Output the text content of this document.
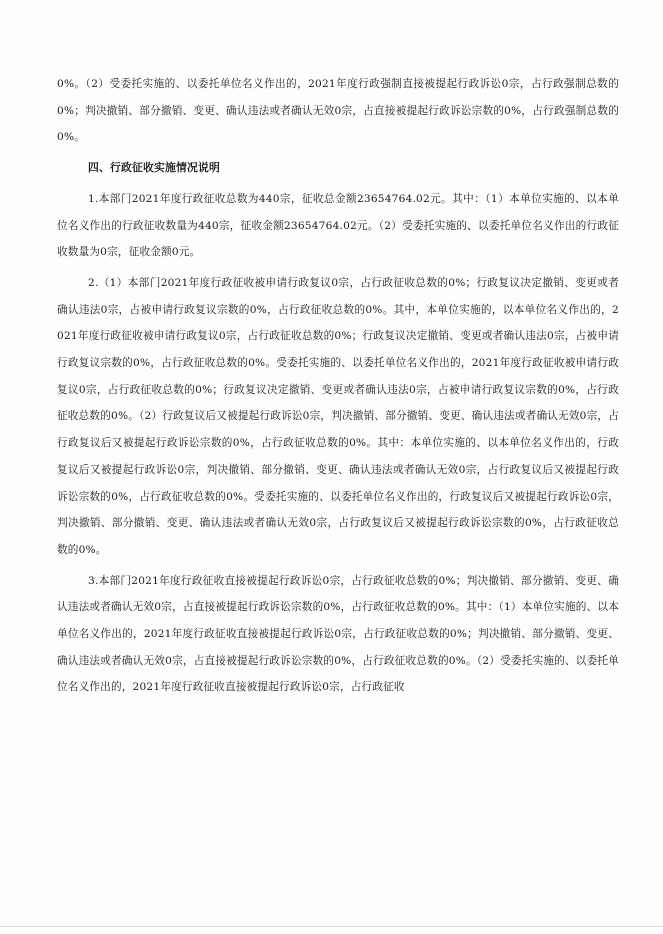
0%。（2）受委托实施的、以委托单位名义作出的，2021年度行政强制直接被提起行政诉讼0宗，占行政强制总数的0%；判决撤销、部分撤销、变更、确认违法或者确认无效0宗，占直接被提起行政诉讼宗数的0%，占行政强制总数的0%。

四、行政征收实施情况说明

1.本部门2021年度行政征收总数为440宗，征收总金额23654764.02元。其中：（1）本单位实施的、以本单位名义作出的行政征收数量为440宗，征收金额23654764.02元。（2）受委托实施的、以委托单位名义作出的行政征收数量为0宗，征收金额0元。

2.（1）本部门2021年度行政征收被申请行政复议0宗，占行政征收总数的0%；行政复议决定撤销、变更或者确认违法0宗，占被申请行政复议宗数的0%，占行政征收总数的0%。其中，本单位实施的，以本单位名义作出的，2021年度行政征收被申请行政复议0宗，占行政征收总数的0%；行政复议决定撤销、变更或者确认违法0宗，占被申请行政复议宗数的0%，占行政征收总数的0%。受委托实施的、以委托单位名义作出的，2021年度行政征收被申请行政复议0宗，占行政征收总数的0%；行政复议决定撤销、变更或者确认违法0宗，占被申请行政复议宗数的0%，占行政征收总数的0%。（2）行政复议后又被提起行政诉讼0宗，判决撤销、部分撤销、变更、确认违法或者确认无效0宗，占行政复议后又被提起行政诉讼宗数的0%，占行政征收总数的0%。其中：本单位实施的、以本单位名义作出的，行政复议后又被提起行政诉讼0宗，判决撤销、部分撤销、变更、确认违法或者确认无效0宗，占行政复议后又被提起行政诉讼宗数的0%，占行政征收总数的0%。受委托实施的、以委托单位名义作出的，行政复议后又被提起行政诉讼0宗，判决撤销、部分撤销、变更、确认违法或者确认无效0宗，占行政复议后又被提起行政诉讼宗数的0%，占行政征收总数的0%。

3.本部门2021年度行政征收直接被提起行政诉讼0宗，占行政征收总数的0%；判决撤销、部分撤销、变更、确认违法或者确认无效0宗，占直接被提起行政诉讼宗数的0%，占行政征收总数的0%。其中：（1）本单位实施的、以本单位名义作出的，2021年度行政征收直接被提起行政诉讼0宗，占行政征收总数的0%；判决撤销、部分撤销、变更、确认违法或者确认无效0宗，占直接被提起行政诉讼宗数的0%，占行政征收总数的0%。（2）受委托实施的、以委托单位名义作出的，2021年度行政征收直接被提起行政诉讼0宗，占行政征收
